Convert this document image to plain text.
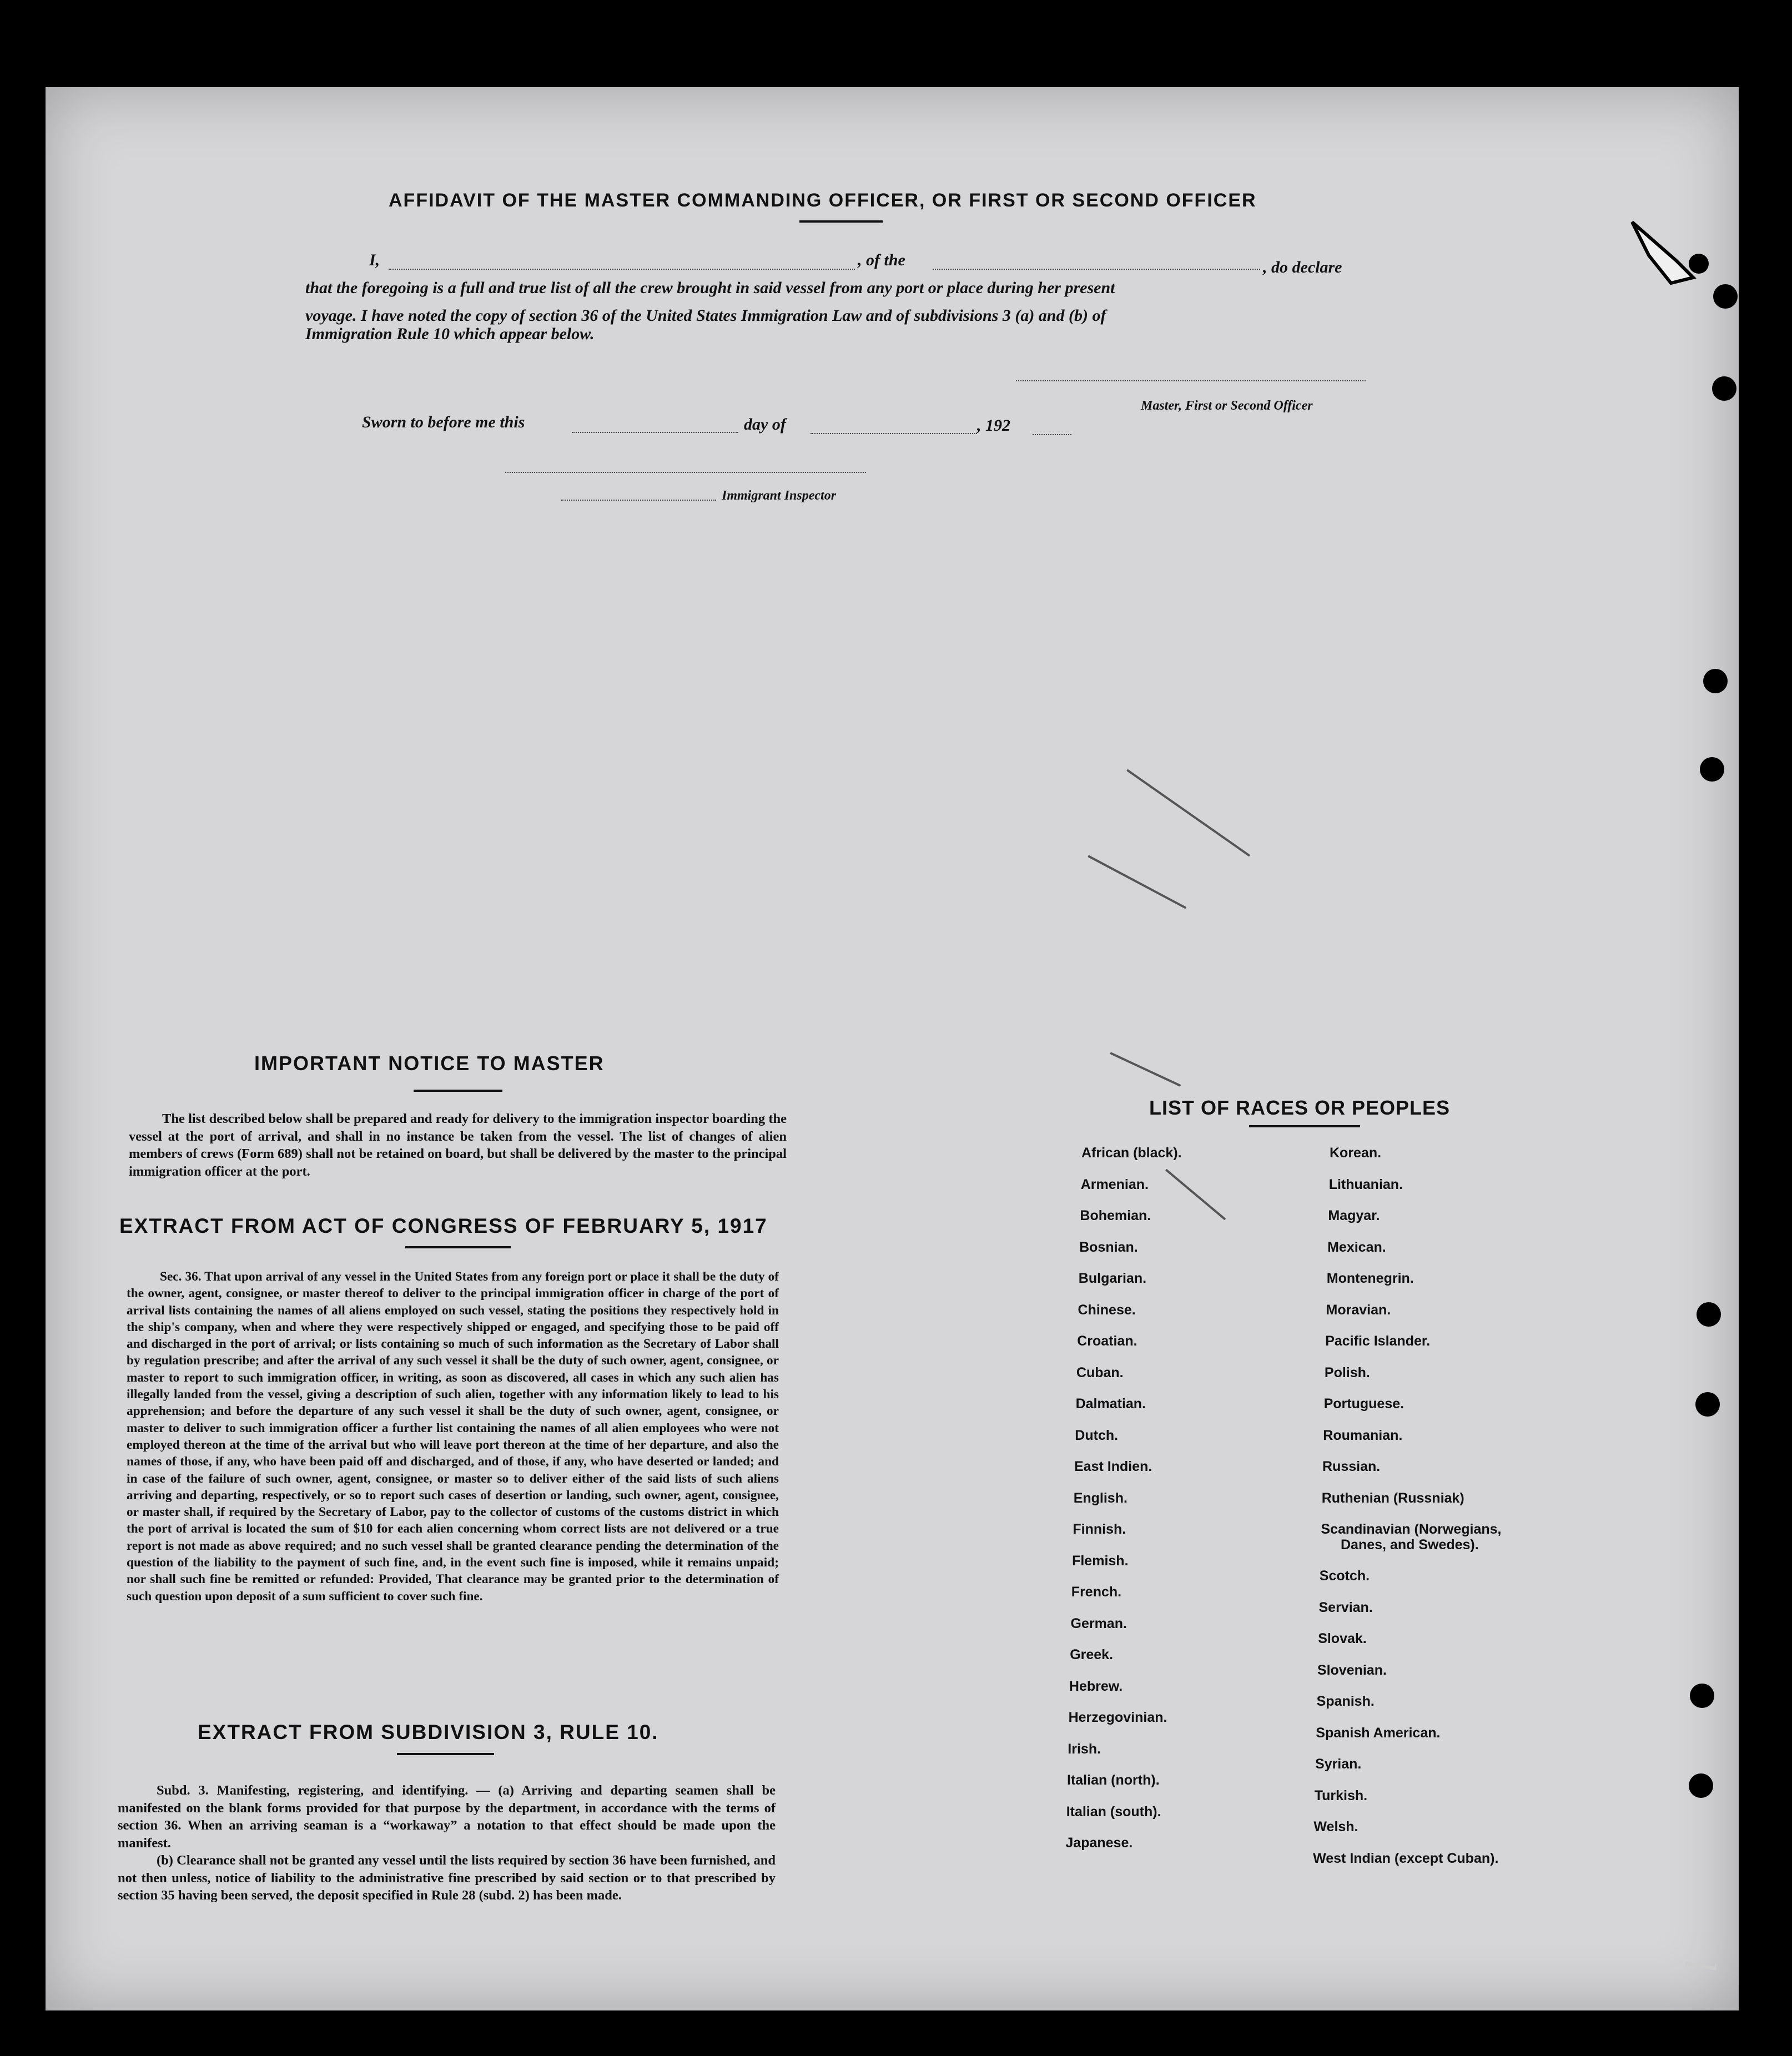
AFFIDAVIT OF THE MASTER COMMANDING OFFICER, OR FIRST OR SECOND OFFICER
I,	, of the	, do declare
that the foregoing is a full and true list of all the crew brought in said vessel from any port or place during her present
voyage. I have noted the copy of section 36 of the United States Immigration Law and of subdivisions 3 (a) and (b) of
Immigration Rule 10 which appear below.
Master, First or Second Officer
Sworn to before me this	day of	, 192
Immigrant Inspector
IMPORTANT NOTICE TO MASTER
The list described below shall be prepared and ready for delivery to the immigration inspector boarding the vessel at the port of arrival, and shall in no instance be taken from the vessel. The list of changes of alien members of crews (Form 689) shall not be retained on board, but shall be delivered by the master to the principal immigration officer at the port.
EXTRACT FROM ACT OF CONGRESS OF FEBRUARY 5, 1917
Sec. 36. That upon arrival of any vessel in the United States from any foreign port or place it shall be the duty of the owner, agent, consignee, or master thereof to deliver to the principal immigration officer in charge of the port of arrival lists containing the names of all aliens employed on such vessel, stating the positions they respectively hold in the ship's company, when and where they were respectively shipped or engaged, and specifying those to be paid off and discharged in the port of arrival; or lists containing so much of such information as the Secretary of Labor shall by regulation prescribe; and after the arrival of any such vessel it shall be the duty of such owner, agent, consignee, or master to report to such immigration officer, in writing, as soon as discovered, all cases in which any such alien has illegally landed from the vessel, giving a description of such alien, together with any information likely to lead to his apprehension; and before the departure of any such vessel it shall be the duty of such owner, agent, consignee, or master to deliver to such immigration officer a further list containing the names of all alien employees who were not employed thereon at the time of the arrival but who will leave port thereon at the time of her departure, and also the names of those, if any, who have been paid off and discharged, and of those, if any, who have deserted or landed; and in case of the failure of such owner, agent, consignee, or master so to deliver either of the said lists of such aliens arriving and departing, respectively, or so to report such cases of desertion or landing, such owner, agent, consignee, or master shall, if required by the Secretary of Labor, pay to the collector of customs of the customs district in which the port of arrival is located the sum of $10 for each alien concerning whom correct lists are not delivered or a true report is not made as above required; and no such vessel shall be granted clearance pending the determination of the question of the liability to the payment of such fine, and, in the event such fine is imposed, while it remains unpaid; nor shall such fine be remitted or refunded: Provided, That clearance may be granted prior to the determination of such question upon deposit of a sum sufficient to cover such fine.
EXTRACT FROM SUBDIVISION 3, RULE 10.
Subd. 3. Manifesting, registering, and identifying. — (a) Arriving and departing seamen shall be manifested on the blank forms provided for that purpose by the department, in accordance with the terms of section 36. When an arriving seaman is a “workaway” a notation to that effect should be made upon the manifest.
(b) Clearance shall not be granted any vessel until the lists required by section 36 have been furnished, and not then unless, notice of liability to the administrative fine prescribed by said section or to that prescribed by section 35 having been served, the deposit specified in Rule 28 (subd. 2) has been made.
LIST OF RACES OR PEOPLES
African (black).
Armenian.
Bohemian.
Bosnian.
Bulgarian.
Chinese.
Croatian.
Cuban.
Dalmatian.
Dutch.
East Indien.
English.
Finnish.
Flemish.
French.
German.
Greek.
Hebrew.
Herzegovinian.
Irish.
Italian (north).
Italian (south).
Japanese.
Korean.
Lithuanian.
Magyar.
Mexican.
Montenegrin.
Moravian.
Pacific Islander.
Polish.
Portuguese.
Roumanian.
Russian.
Ruthenian (Russniak)
Scandinavian (Norwegians,
Danes, and Swedes).
Scotch.
Servian.
Slovak.
Slovenian.
Spanish.
Spanish American.
Syrian.
Turkish.
Welsh.
West Indian (except Cuban).
l
